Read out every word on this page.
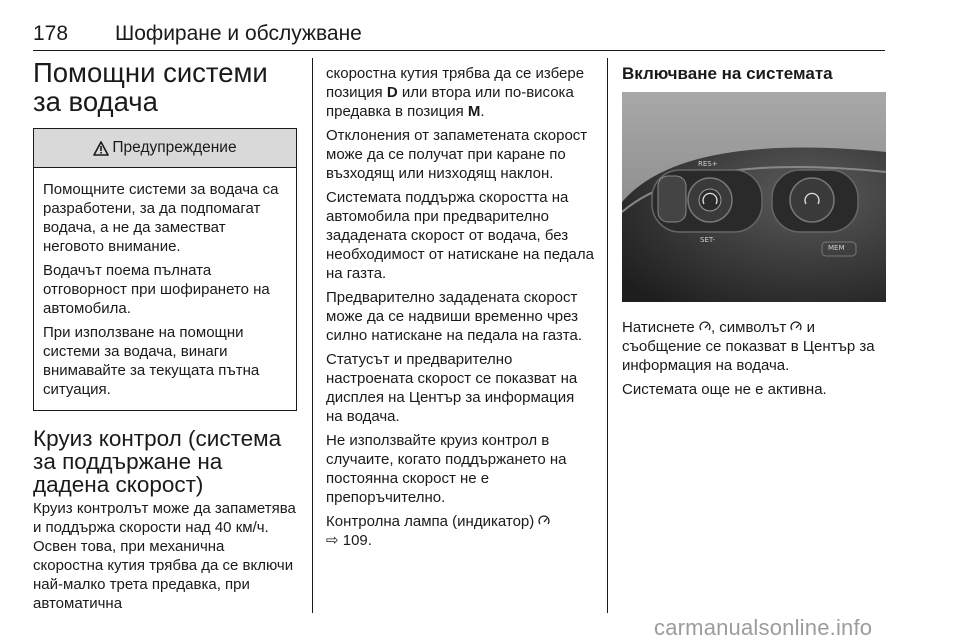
178 Шофиране и обслужване
Помощни системи за водача
Предупреждение

Помощните системи за водача са разработени, за да подпомагат водача, а не да заместват неговото внимание.

Водачът поема пълната отговорност при шофирането на автомобила.

При използване на помощни системи за водача, винаги внимавайте за текущата пътна ситуация.

Круиз контрол (система за поддържане на дадена скорост)

Круиз контролът може да запаметява и поддържа скорости над 40 км/ч. Освен това, при механична скоростна кутия трябва да се включи най-малко трета предавка, при автоматична

скоростна кутия трябва да се избере позиция D или втора или по-висока предавка в позиция M.

Отклонения от запаметената скорост може да се получат при каране по възходящ или низходящ наклон.

Системата поддържа скоростта на автомобила при предварително зададената скорост от водача, без необходимост от натискане на педала на газта.

Предварително зададената скорост може да се надвиши временно чрез силно натискане на педала на газта.

Статусът и предварително настроената скорост се показват на дисплея на Център за информация на водача.

Не използвайте круиз контрол в случаите, когато поддържането на постоянна скорост не е препоръчително.

Контролна лампа (индикатор)
⇨ 109.

Включване на системата
RES+
SET-
MEM

Натиснете , символът  и съобщение се показват в Център за информация на водача.

Системата още не е активна.

carmanualsonline.info
